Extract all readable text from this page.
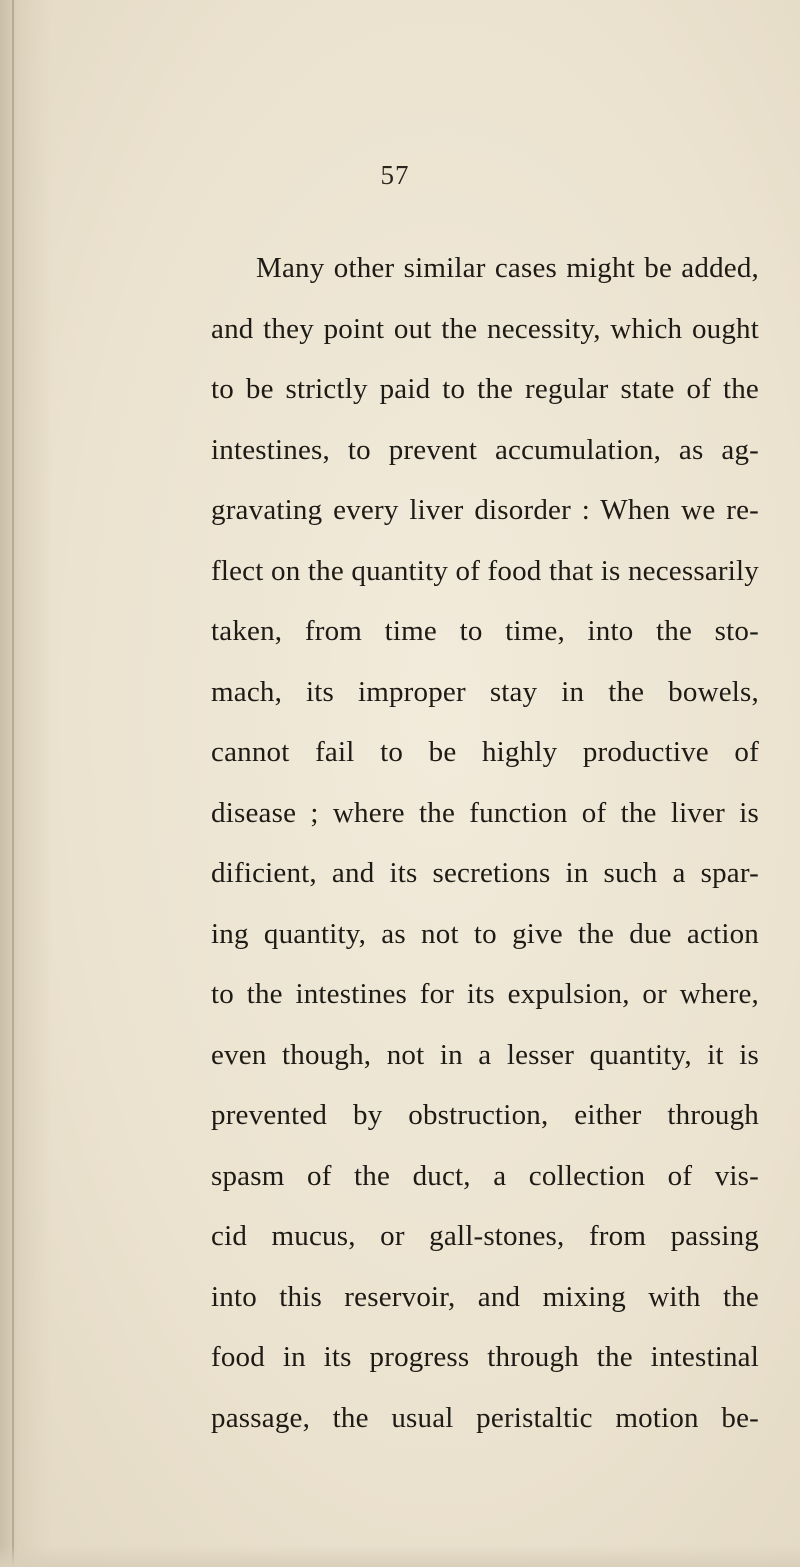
57
Many other similar cases might be added,
and they point out the necessity, which ought
to be strictly paid to the regular state of the
intestines, to prevent accumulation, as ag-
gravating every liver disorder : When we re-
flect on the quantity of food that is necessarily
taken, from time to time, into the sto-
mach, its improper stay in the bowels,
cannot fail to be highly productive of
disease ; where the function of the liver is
dificient, and its secretions in such a spar-
ing quantity, as not to give the due action
to the intestines for its expulsion, or where,
even though, not in a lesser quantity, it is
prevented by obstruction, either through
spasm of the duct, a collection of vis-
cid mucus, or gall-stones, from passing
into this reservoir, and mixing with the
food in its progress through the intestinal
passage, the usual peristaltic motion be-
